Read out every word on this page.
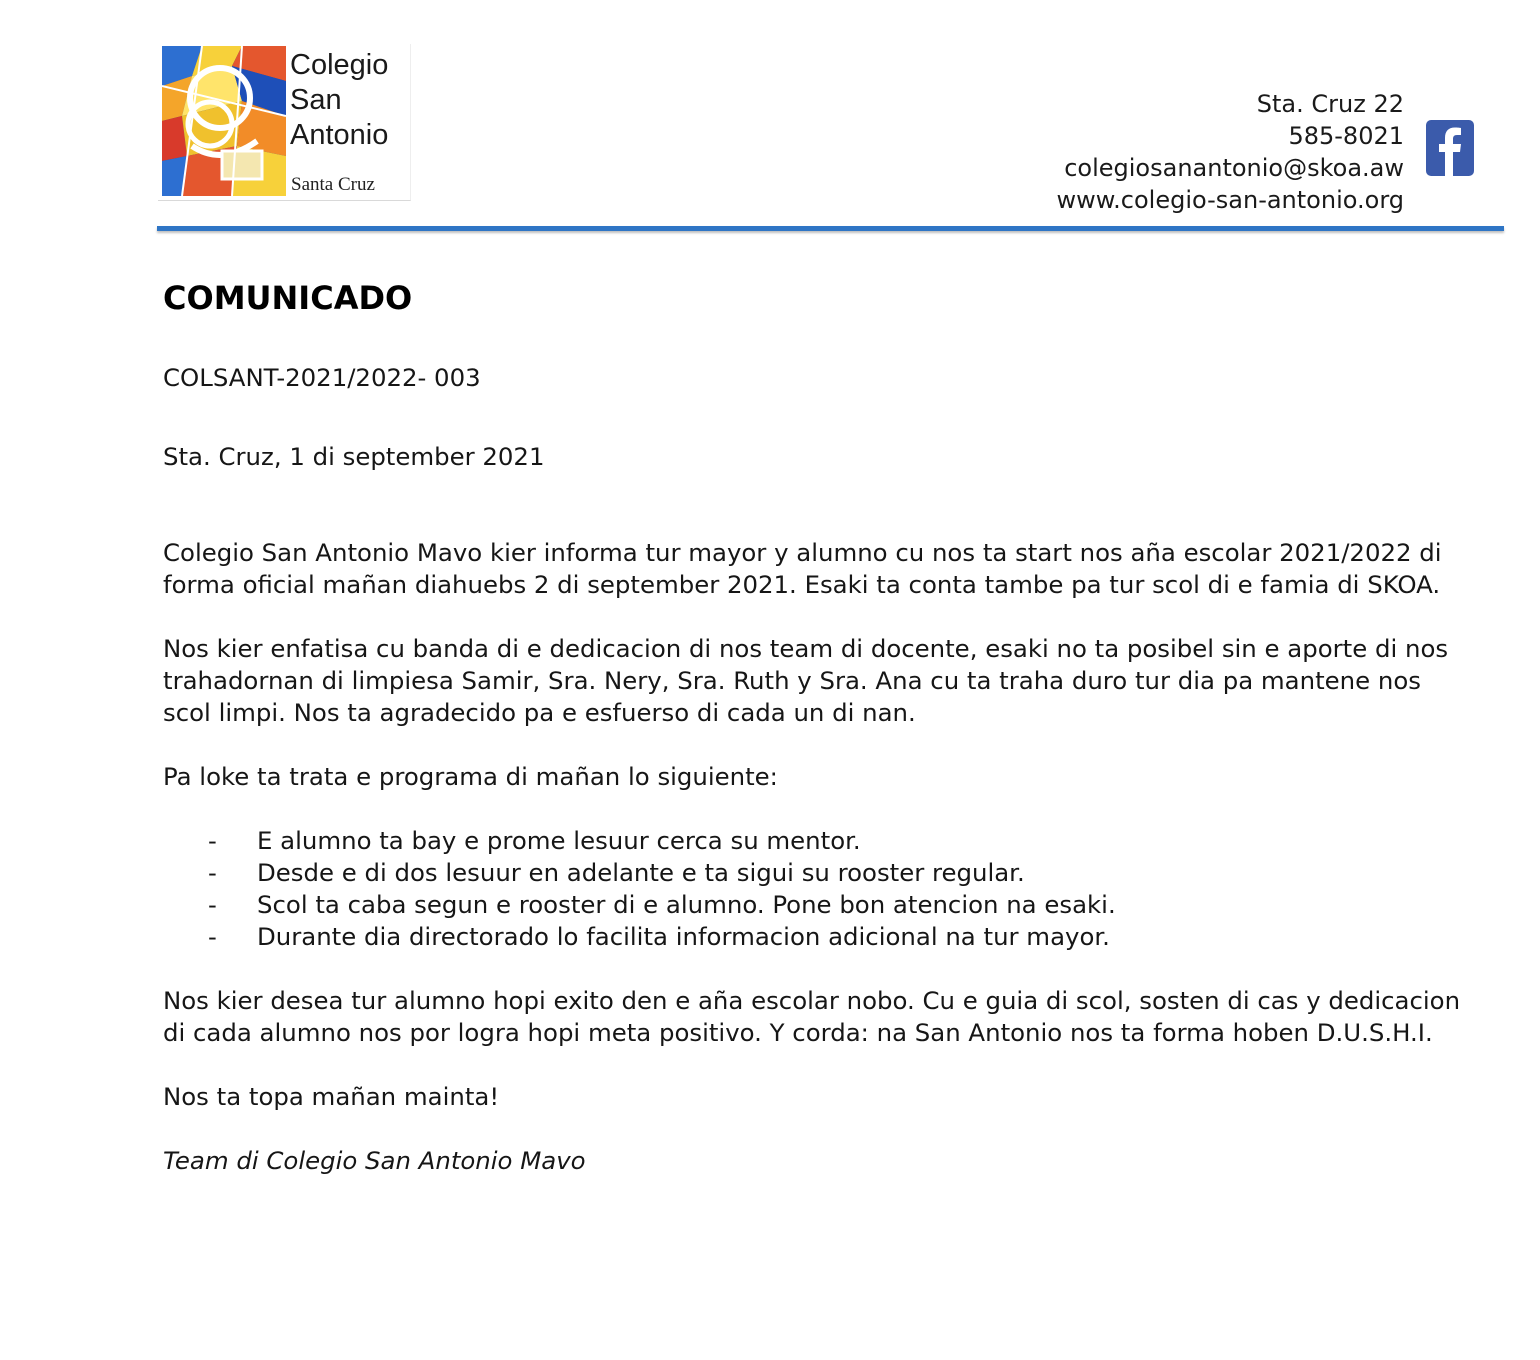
Colegio
San
Antonio
Santa Cruz
Sta. Cruz 22
585-8021
colegiosanantonio@skoa.aw
www.colegio-san-antonio.org
COMUNICADO

COLSANT-2021/2022- 003

Sta. Cruz, 1 di september 2021

Colegio San Antonio Mavo kier informa tur mayor y alumno cu nos ta start nos aña escolar 2021/2022 di forma oficial mañan diahuebs 2 di september 2021. Esaki ta conta tambe pa tur scol di e famia di SKOA.

Nos kier enfatisa cu banda di e dedicacion di nos team di docente, esaki no ta posibel sin e aporte di nos trahadornan di limpiesa Samir, Sra. Nery, Sra. Ruth y Sra. Ana cu ta traha duro tur dia pa mantene nos scol limpi. Nos ta agradecido pa e esfuerso di cada un di nan.

Pa loke ta trata e programa di mañan lo siguiente:

- E alumno ta bay e prome lesuur cerca su mentor.
- Desde e di dos lesuur en adelante e ta sigui su rooster regular.
- Scol ta caba segun e rooster di e alumno. Pone bon atencion na esaki.
- Durante dia directorado lo facilita informacion adicional na tur mayor.

Nos kier desea tur alumno hopi exito den e aña escolar nobo. Cu e guia di scol, sosten di cas y dedicacion di cada alumno nos por logra hopi meta positivo. Y corda: na San Antonio nos ta forma hoben D.U.S.H.I.

Nos ta topa mañan mainta!

Team di Colegio San Antonio Mavo
